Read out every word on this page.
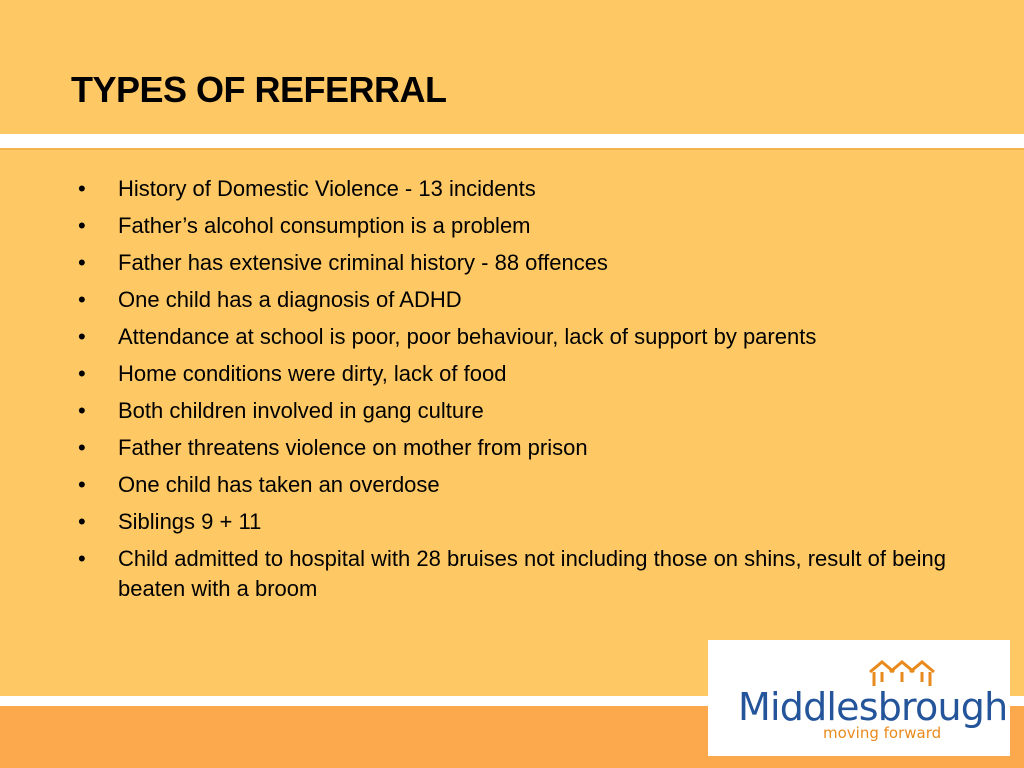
TYPES OF REFERRAL
• History of Domestic Violence - 13 incidents
• Father’s alcohol consumption is a problem
• Father has extensive criminal history - 88 offences
• One child has a diagnosis of ADHD
• Attendance at school is poor, poor behaviour, lack of support by parents
• Home conditions were dirty, lack of food
• Both children involved in gang culture
• Father threatens violence on mother from prison
• One child has taken an overdose
• Siblings 9 + 11
• Child admitted to hospital with 28 bruises not including those on shins, result of being beaten with a broom
Middlesbrough
moving forward
